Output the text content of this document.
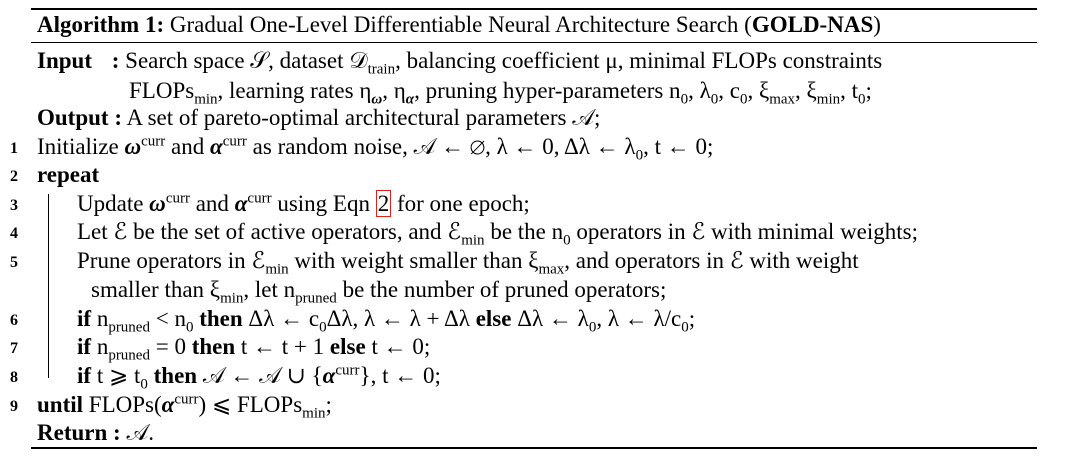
Algorithm 1: Gradual One-Level Differentiable Neural Architecture Search (GOLD-NAS)
Input : Search space 𝒮, dataset 𝒟$_{train}$, balancing coefficient μ, minimal FLOPs constraints
FLOPs$_{min}$, learning rates $\eta_\omega$, $\eta_\alpha$, pruning hyper-parameters $n_0$, $\lambda_0$, $c_0$, $\xi_{max}$, $\xi_{min}$, $t_0$;
Output : A set of pareto-optimal architectural parameters 𝒜;
1
2
3
4
5
6
7
8
9
Initialize $\omega^{curr}$ and $\alpha^{curr}$ as random noise, 𝒜 ← ∅, λ ← 0, Δλ ← $\lambda_0$, t ← 0;
repeat
Update $\omega^{curr}$ and $\alpha^{curr}$ using Eqn 2 for one epoch;
Let ℰ be the set of active operators, and ℰ$_{min}$ be the $n_0$ operators in ℰ with minimal weights;
Prune operators in ℰ$_{min}$ with weight smaller than $\xi_{max}$, and operators in ℰ with weight
smaller than $\xi_{min}$, let $n_{pruned}$ be the number of pruned operators;
if $n_{pruned} < n_0$ then Δλ ← $c_0\Delta\lambda$, λ ← λ + Δλ else Δλ ← $\lambda_0$, λ ← $\lambda/c_0$;
if $n_{pruned} = 0$ then t ← t + 1 else t ← 0;
if t ⩾ $t_0$ then 𝒜 ← 𝒜 ∪ $\{\alpha^{curr}\}$, t ← 0;
until $FLOPs(\alpha^{curr})$ ⩽ FLOPs$_{min}$;
Return : 𝒜.
